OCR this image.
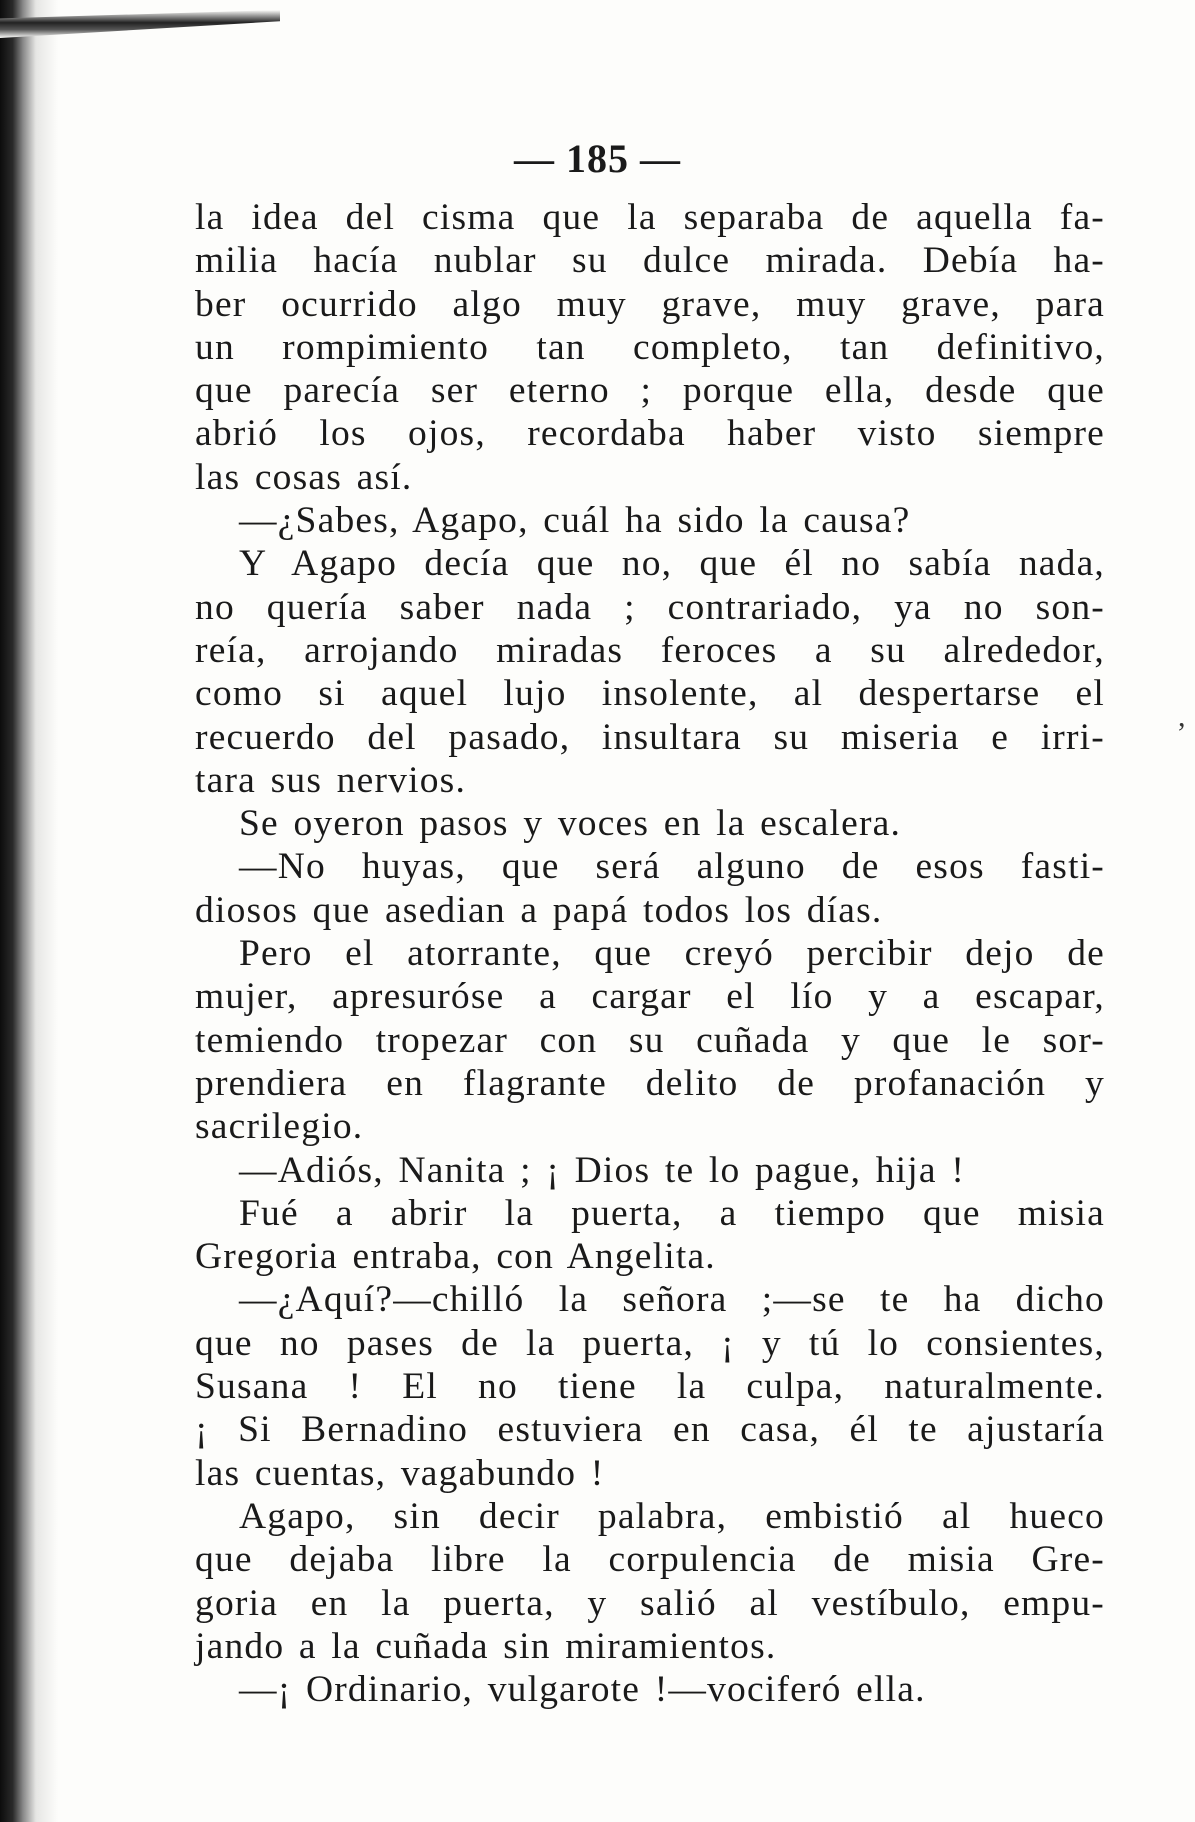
— 185 —
la idea del cisma que la separaba de aquella fa-
milia hacía nublar su dulce mirada. Debía ha-
ber ocurrido algo muy grave, muy grave, para
un rompimiento tan completo, tan definitivo,
que parecía ser eterno ; porque ella, desde que
abrió los ojos, recordaba haber visto siempre
las cosas así.
—¿Sabes, Agapo, cuál ha sido la causa?
Y Agapo decía que no, que él no sabía nada,
no quería saber nada ; contrariado, ya no son-
reía, arrojando miradas feroces a su alrededor,
como si aquel lujo insolente, al despertarse el
recuerdo del pasado, insultara su miseria e irri-
tara sus nervios.
Se oyeron pasos y voces en la escalera.
—No huyas, que será alguno de esos fasti-
diosos que asedian a papá todos los días.
Pero el atorrante, que creyó percibir dejo de
mujer, apresuróse a cargar el lío y a escapar,
temiendo tropezar con su cuñada y que le sor-
prendiera en flagrante delito de profanación y
sacrilegio.
—Adiós, Nanita ; ¡ Dios te lo pague, hija !
Fué a abrir la puerta, a tiempo que misia
Gregoria entraba, con Angelita.
—¿Aquí?—chilló la señora ;—se te ha dicho
que no pases de la puerta, ¡ y tú lo consientes,
Susana ! El no tiene la culpa, naturalmente.
¡ Si Bernadino estuviera en casa, él te ajustaría
las cuentas, vagabundo !
Agapo, sin decir palabra, embistió al hueco
que dejaba libre la corpulencia de misia Gre-
goria en la puerta, y salió al vestíbulo, empu-
jando a la cuñada sin miramientos.
—¡ Ordinario, vulgarote !—vociferó ella.
,
